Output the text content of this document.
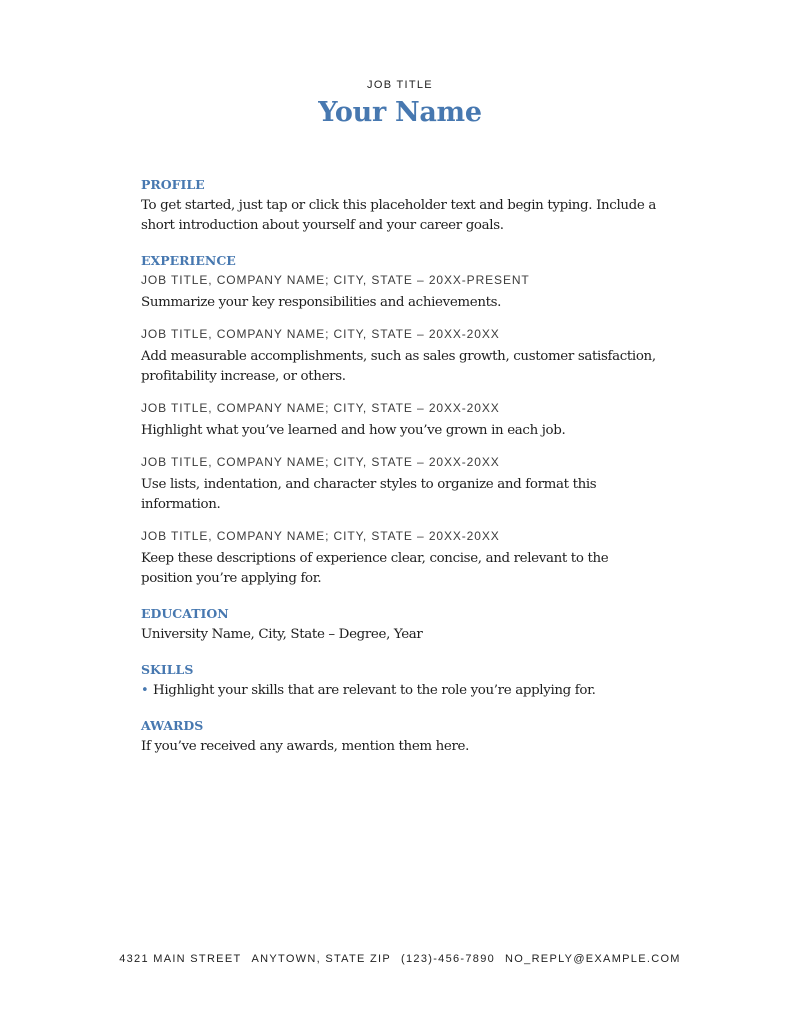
JOB TITLE
Your Name

PROFILE

To get started, just tap or click this placeholder text and begin typing. Include a short introduction about yourself and your career goals.

EXPERIENCE

JOB TITLE, COMPANY NAME; CITY, STATE – 20XX-PRESENT

Summarize your key responsibilities and achievements.

JOB TITLE, COMPANY NAME; CITY, STATE – 20XX-20XX

Add measurable accomplishments, such as sales growth, customer satisfaction, profitability increase, or others.

JOB TITLE, COMPANY NAME; CITY, STATE – 20XX-20XX

Highlight what you’ve learned and how you’ve grown in each job.

JOB TITLE, COMPANY NAME; CITY, STATE – 20XX-20XX

Use lists, indentation, and character styles to organize and format this information.

JOB TITLE, COMPANY NAME; CITY, STATE – 20XX-20XX

Keep these descriptions of experience clear, concise, and relevant to the position you’re applying for.

EDUCATION

University Name, City, State – Degree, Year

SKILLS

• Highlight your skills that are relevant to the role you’re applying for.

AWARDS

If you’ve received any awards, mention them here.

4321 MAIN STREET ANYTOWN, STATE ZIP (123)-456-7890 NO_REPLY@EXAMPLE.COM
